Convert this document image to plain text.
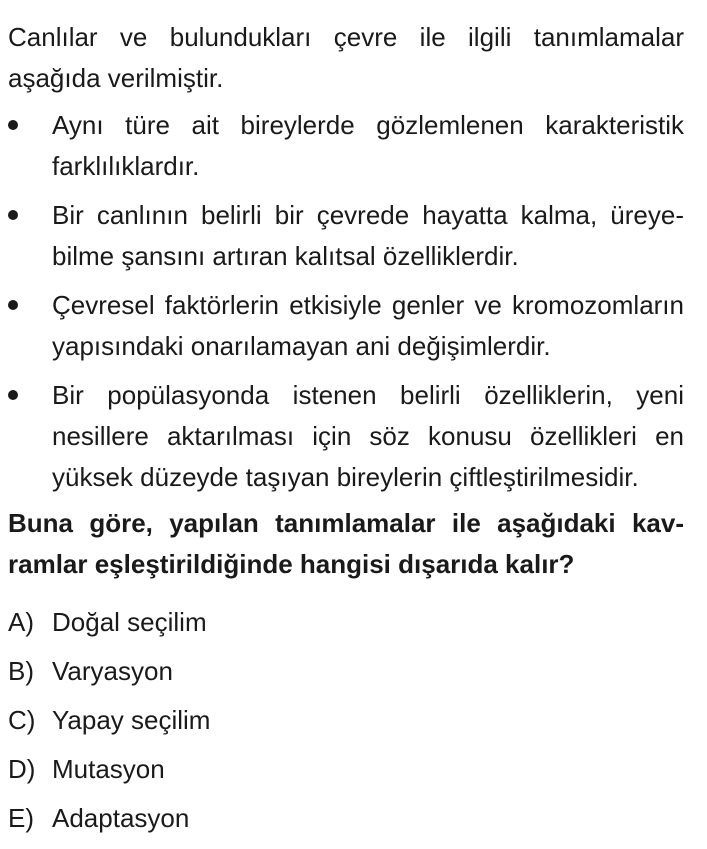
Canlılar ve bulundukları çevre ile ilgili tanımlamalar aşağıda verilmiştir.

Aynı türe ait bireylerde gözlemlenen karakteristik farklılıklardır.
Bir canlının belirli bir çevrede hayatta kalma, üreyebilme şansını artıran kalıtsal özelliklerdir.
Çevresel faktörlerin etkisiyle genler ve kromozomların yapısındaki onarılamayan ani değişimlerdir.
Bir popülasyonda istenen belirli özelliklerin, yeni nesillere aktarılması için söz konusu özellikleri en yüksek düzeyde taşıyan bireylerin çiftleştirilmesidir.

Buna göre, yapılan tanımlamalar ile aşağıdaki kavramlar eşleştirildiğinde hangisi dışarıda kalır?

A) Doğal seçilim
B) Varyasyon
C) Yapay seçilim
D) Mutasyon
E) Adaptasyon
